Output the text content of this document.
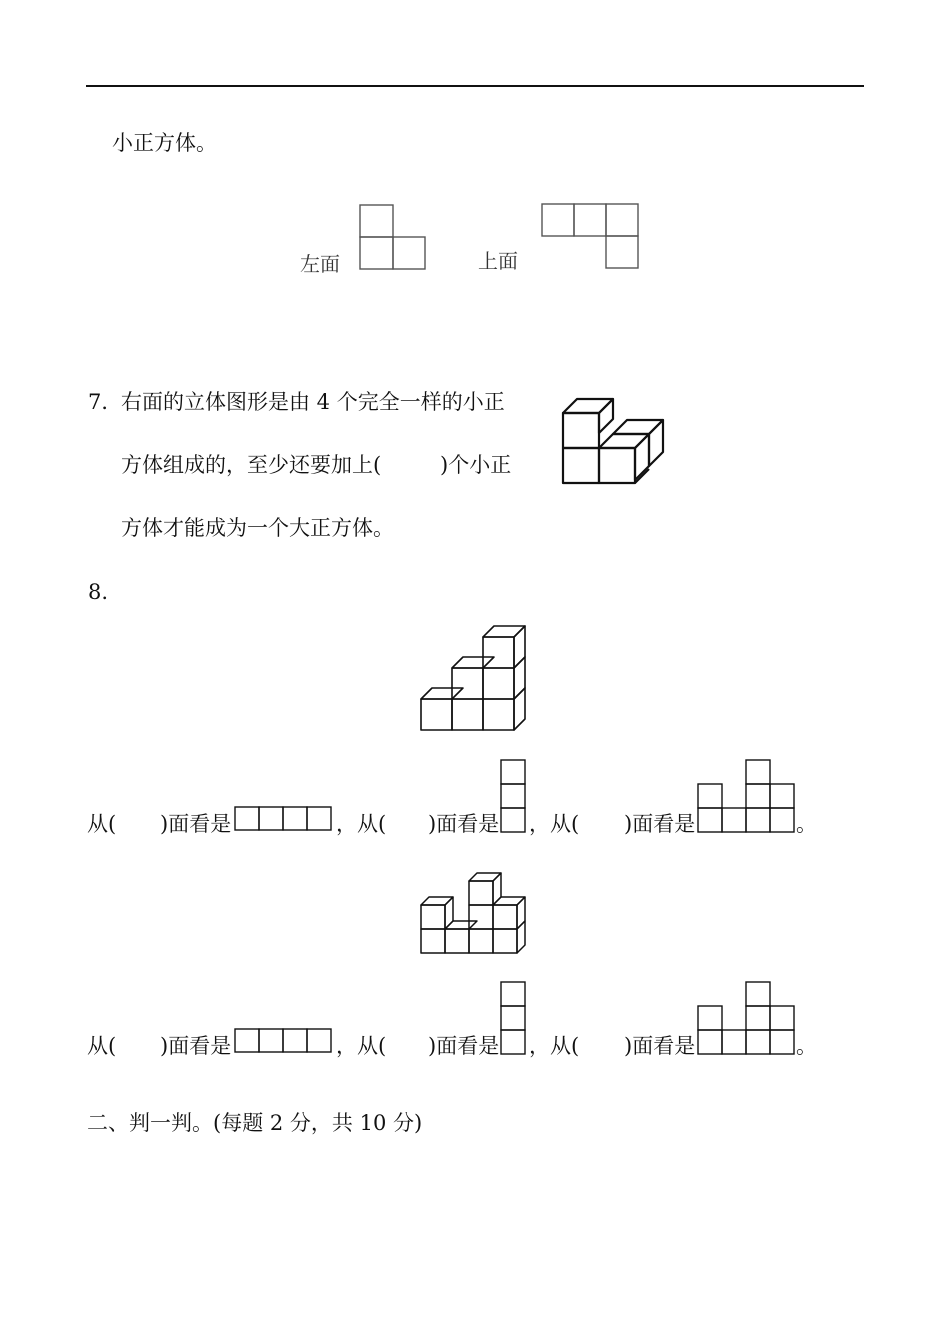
小正方体。
左面	上面
7．
右面的立体图形是由 4 个完全一样的小正
方体组成的，至少还要加上(	)个小正
方体才能成为一个大正方体。
8.
从( )面看是	，从( )面看是 ，从( )面看是	。
从( )面看是	，从( )面看是 ，从( )面看是	。
二、判一判。(每题 2 分，共 10 分)
